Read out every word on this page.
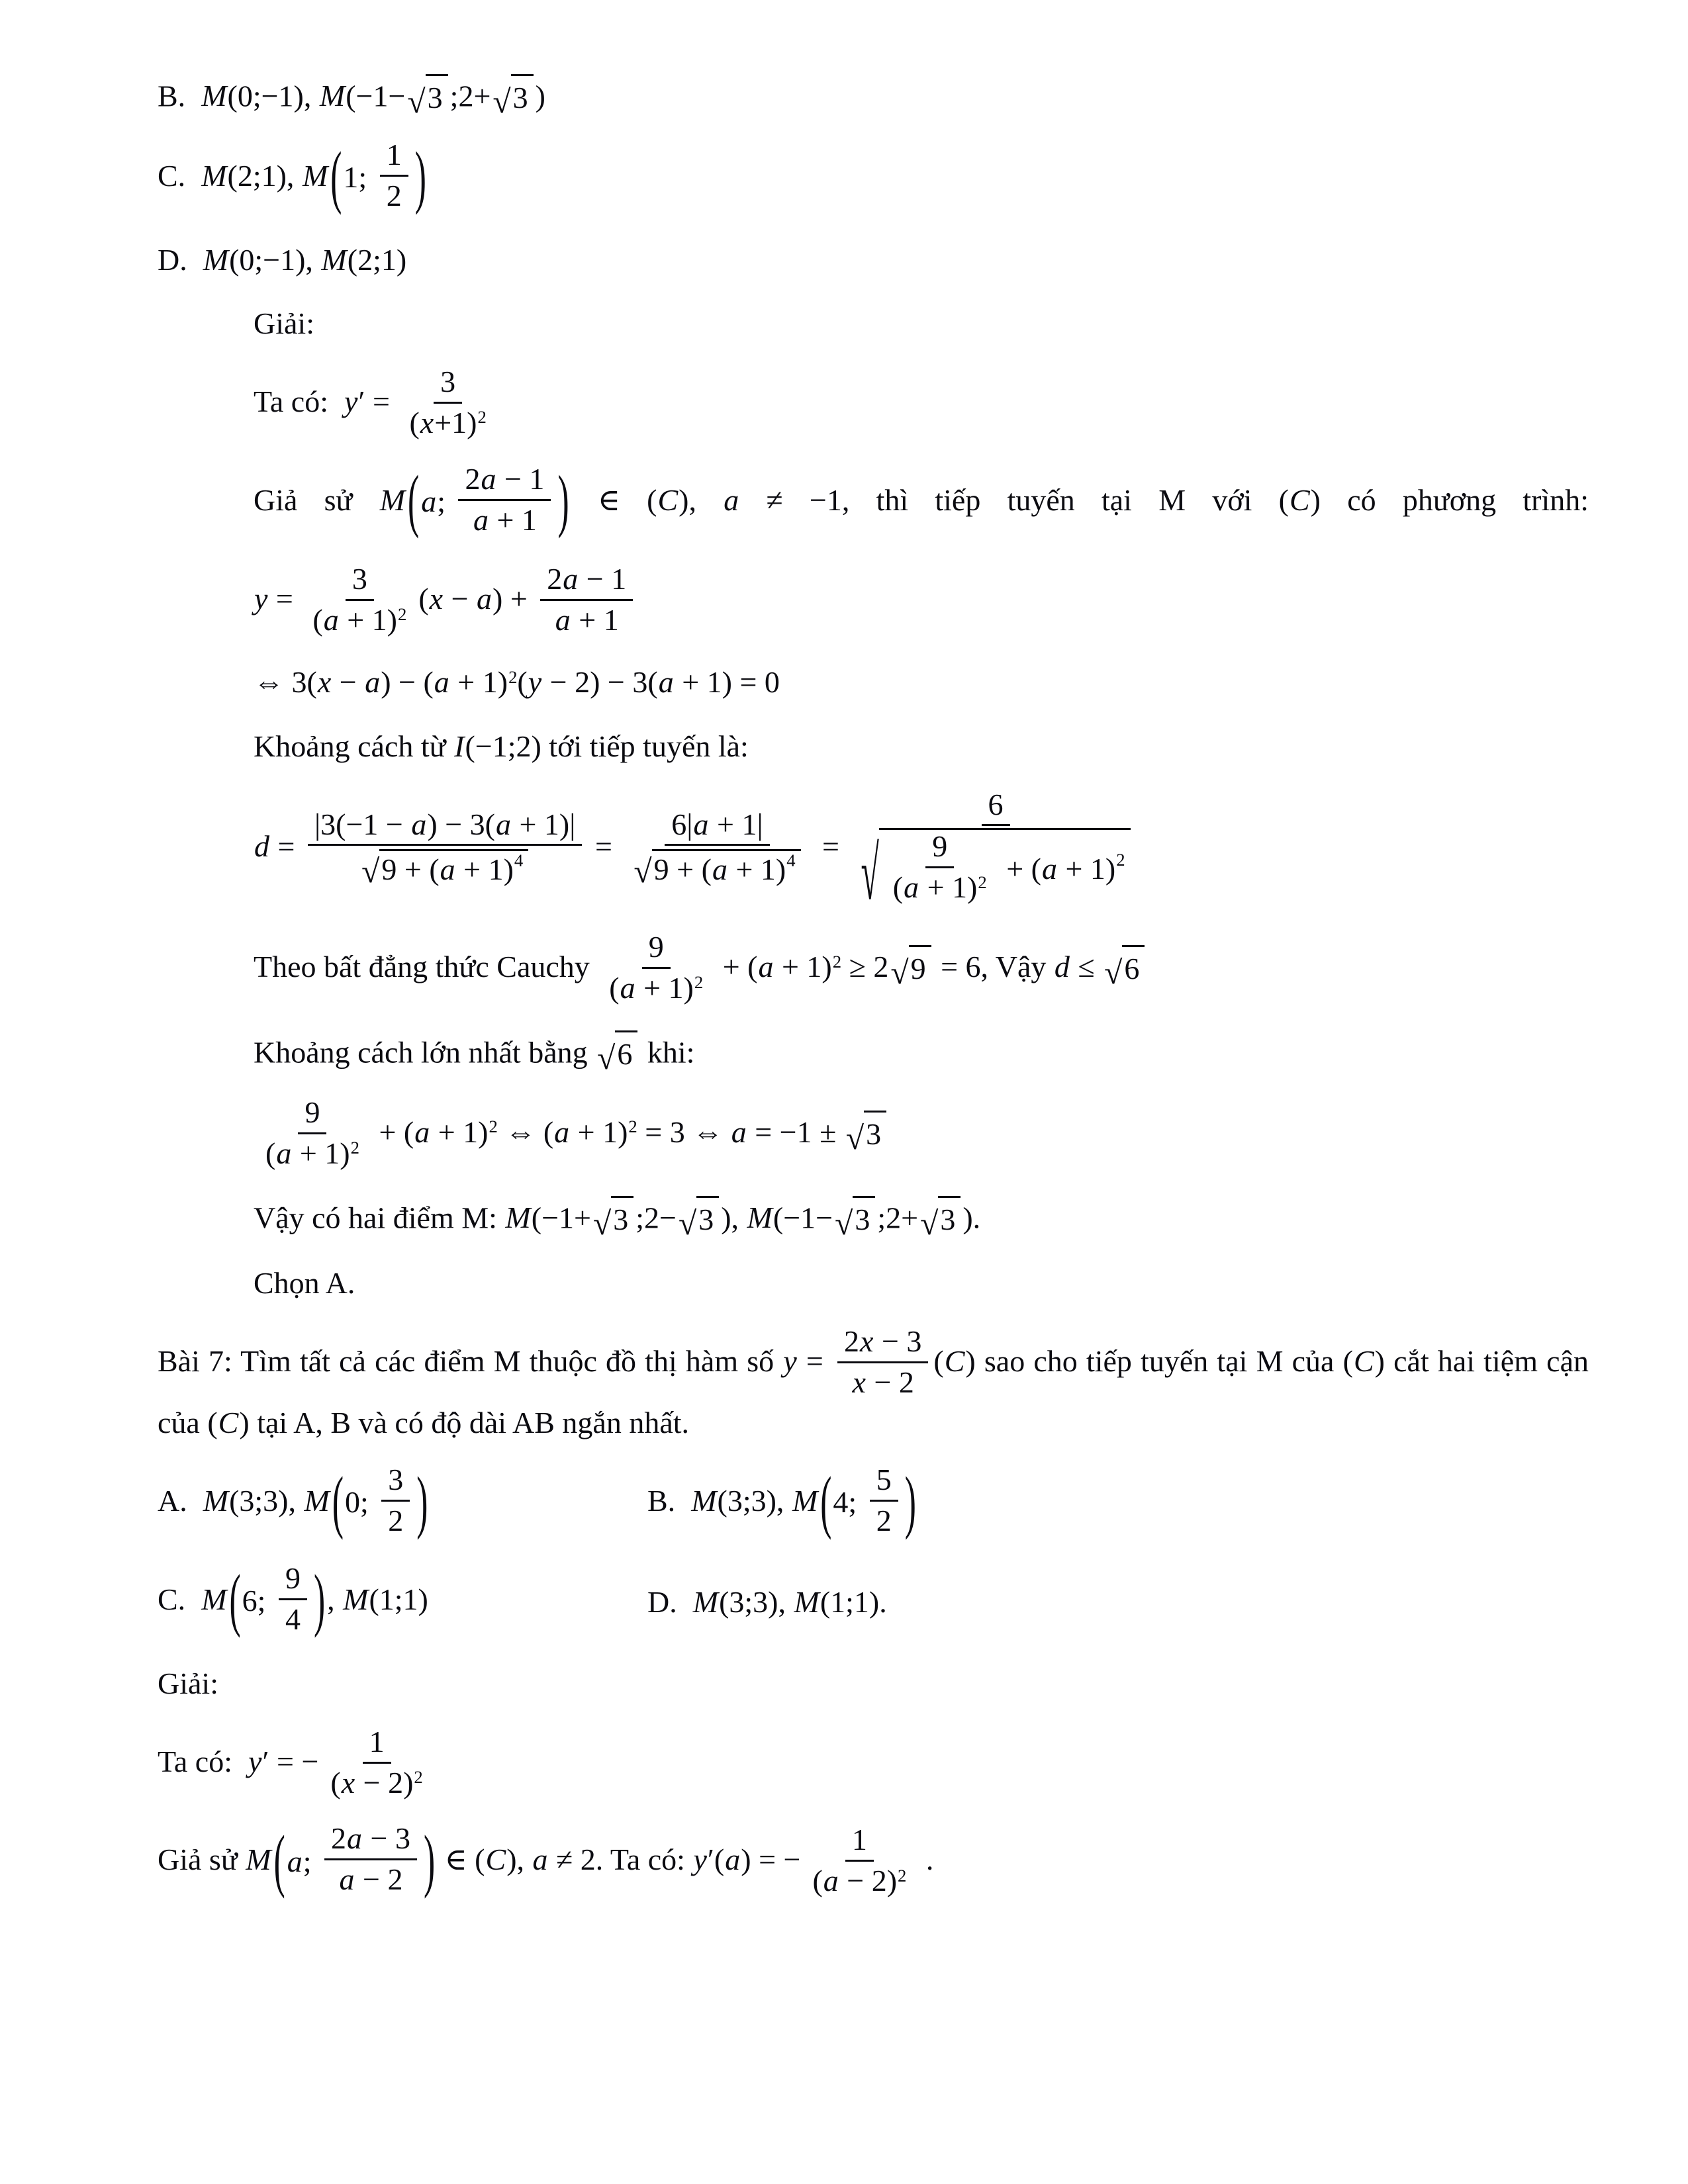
B.  M(0;−1), M(−1− √ 3 ;2+ √ 3 )
C.  M(2;1), M ( 1; $\frac{1}{2}$ )
D.  M(0;−1), M(2;1)
Giải:
Ta có:  $y' = \frac{3}{(x+1)^2}$
Giả sử M ( a ; $\frac{2a - 1}{a + 1}$ ) ∈ (C), a ≠ −1, thì tiếp tuyến tại M với (C) có phương trình:
$y = \frac{3}{(a + 1)^2} (x - a) + \frac{2a - 1}{a + 1}$
⇔ $3(x - a) - (a + 1)^2(y - 2) - 3(a + 1) = 0$
Khoảng cách từ I(−1;2) tới tiếp tuyến là:
$d = \frac{|3(-1 - a) - 3(a + 1)|}{√ 9 + ( a + 1) 4} = \frac{6|a + 1|}{√ 9 + ( a + 1) 4} = \frac{6}{√ \frac{9}{(a + 1)^2} + ( a + 1) 2}$
Theo bất đẳng thức Cauchy $\frac{9}{(a + 1)^2} + (a + 1)^2 \ge 2$ √ 9 = 6, Vậy d ≤ √ 6
Khoảng cách lớn nhất bằng √ 6 khi:
$\frac{9}{(a + 1)^2} + (a + 1)^2$ ⇔ $(a + 1)^2 = 3$ ⇔ a = −1 ± √ 3
Vậy có hai điểm M: M(−1+ √ 3 ;2− √ 3 ), M(−1− √ 3 ;2+ √ 3 ).
Chọn A.
Bài 7: Tìm tất cả các điểm M thuộc đồ thị hàm số $y = \frac{2x - 3}{x - 2} (C)$ sao cho tiếp tuyến tại M của (C) cắt hai tiệm cận của (C) tại A, B và có độ dài AB ngắn nhất.
A.  M(3;3), M ( 0; $\frac{3}{2}$ )	B.  M(3;3), M ( 4; $\frac{5}{2}$ )
C.  M ( 6; $\frac{9}{4}$ ) , M(1;1)	D.  M(3;3), M(1;1).
Giải:
Ta có:  y′ = − $\frac{1}{(x - 2)^2}$
Giả sử M ( a ; $\frac{2a - 3}{a - 2}$ ) ∈ (C), a ≠ 2. Ta có: y′(a) = − $\frac{1}{(a - 2)^2}$ .
